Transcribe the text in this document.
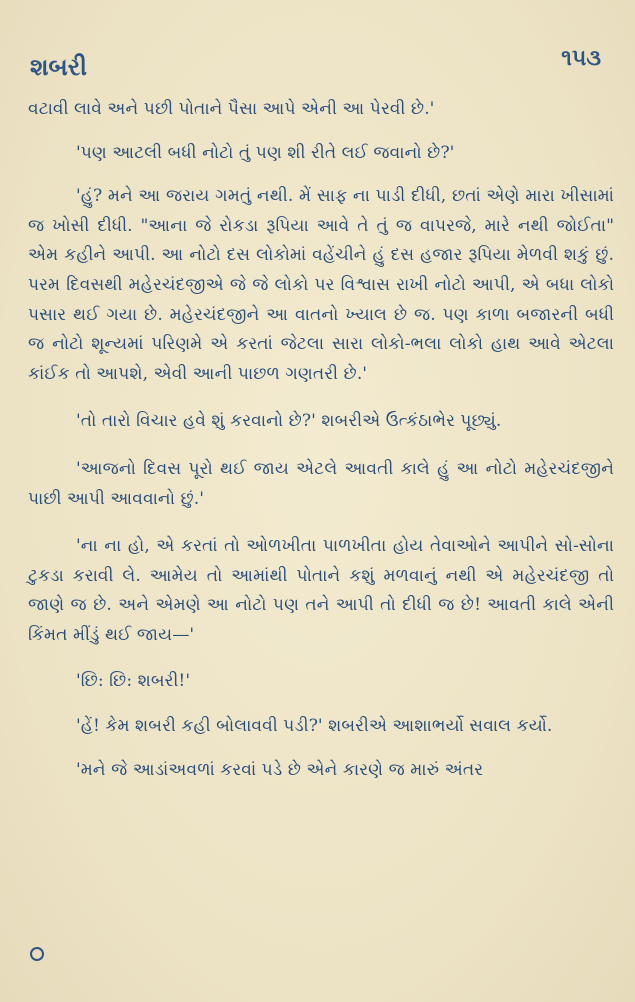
શબરી	૧૫૩

વટાવી લાવે અને પછી પોતાને પૈસા આપે એની આ પેરવી છે.'

'પણ આટલી બધી નોટો તું પણ શી રીતે લઈ જવાનો છે?'

'હું? મને આ જરાય ગમતું નથી. મેં સાફ ના પાડી દીધી, છતાં એણે મારા ખીસામાં જ ખોસી દીધી. "આના જે રોકડા રૂપિયા આવે તે તું જ વાપરજે, મારે નથી જોઈતા" એમ કહીને આપી. આ નોટો દસ લોકોમાં વહેંચીને હું દસ હજાર રૂપિયા મેળવી શકું છું. પરમ દિવસથી મહેરચંદજીએ જે જે લોકો પર વિશ્વાસ રાખી નોટો આપી, એ બધા લોકો પસાર થઈ ગયા છે. મહેરચંદજીને આ વાતનો ખ્યાલ છે જ. પણ કાળા બજારની બધી જ નોટો શૂન્યમાં પરિણમે એ કરતાં જેટલા સારા લોકો-ભલા લોકો હાથ આવે એટલા કાંઈક તો આપશે, એવી આની પાછળ ગણતરી છે.'

'તો તારો વિચાર હવે શું કરવાનો છે?' શબરીએ ઉત્કંઠાભેર પૂછ્યું.

'આજનો દિવસ પૂરો થઈ જાય એટલે આવતી કાલે હું આ નોટો મહેરચંદજીને પાછી આપી આવવાનો છું.'

'ના ના હો, એ કરતાં તો ઓળખીતા પાળખીતા હોય તેવાઓને આપીને સો-સોના ટુકડા કરાવી લે. આમેય તો આમાંથી પોતાને કશું મળવાનું નથી એ મહેરચંદજી તો જાણે જ છે. અને એમણે આ નોટો પણ તને આપી તો દીધી જ છે! આવતી કાલે એની કિંમત મીંડું થઈ જાય—'

'છિ: છિ: શબરી!'

'હેં! કેમ શબરી કહી બોલાવવી પડી?' શબરીએ આશાભર્યો સવાલ કર્યો.

'મને જે આડાંઅવળાં કરવાં પડે છે એને કારણે જ મારું અંતર
